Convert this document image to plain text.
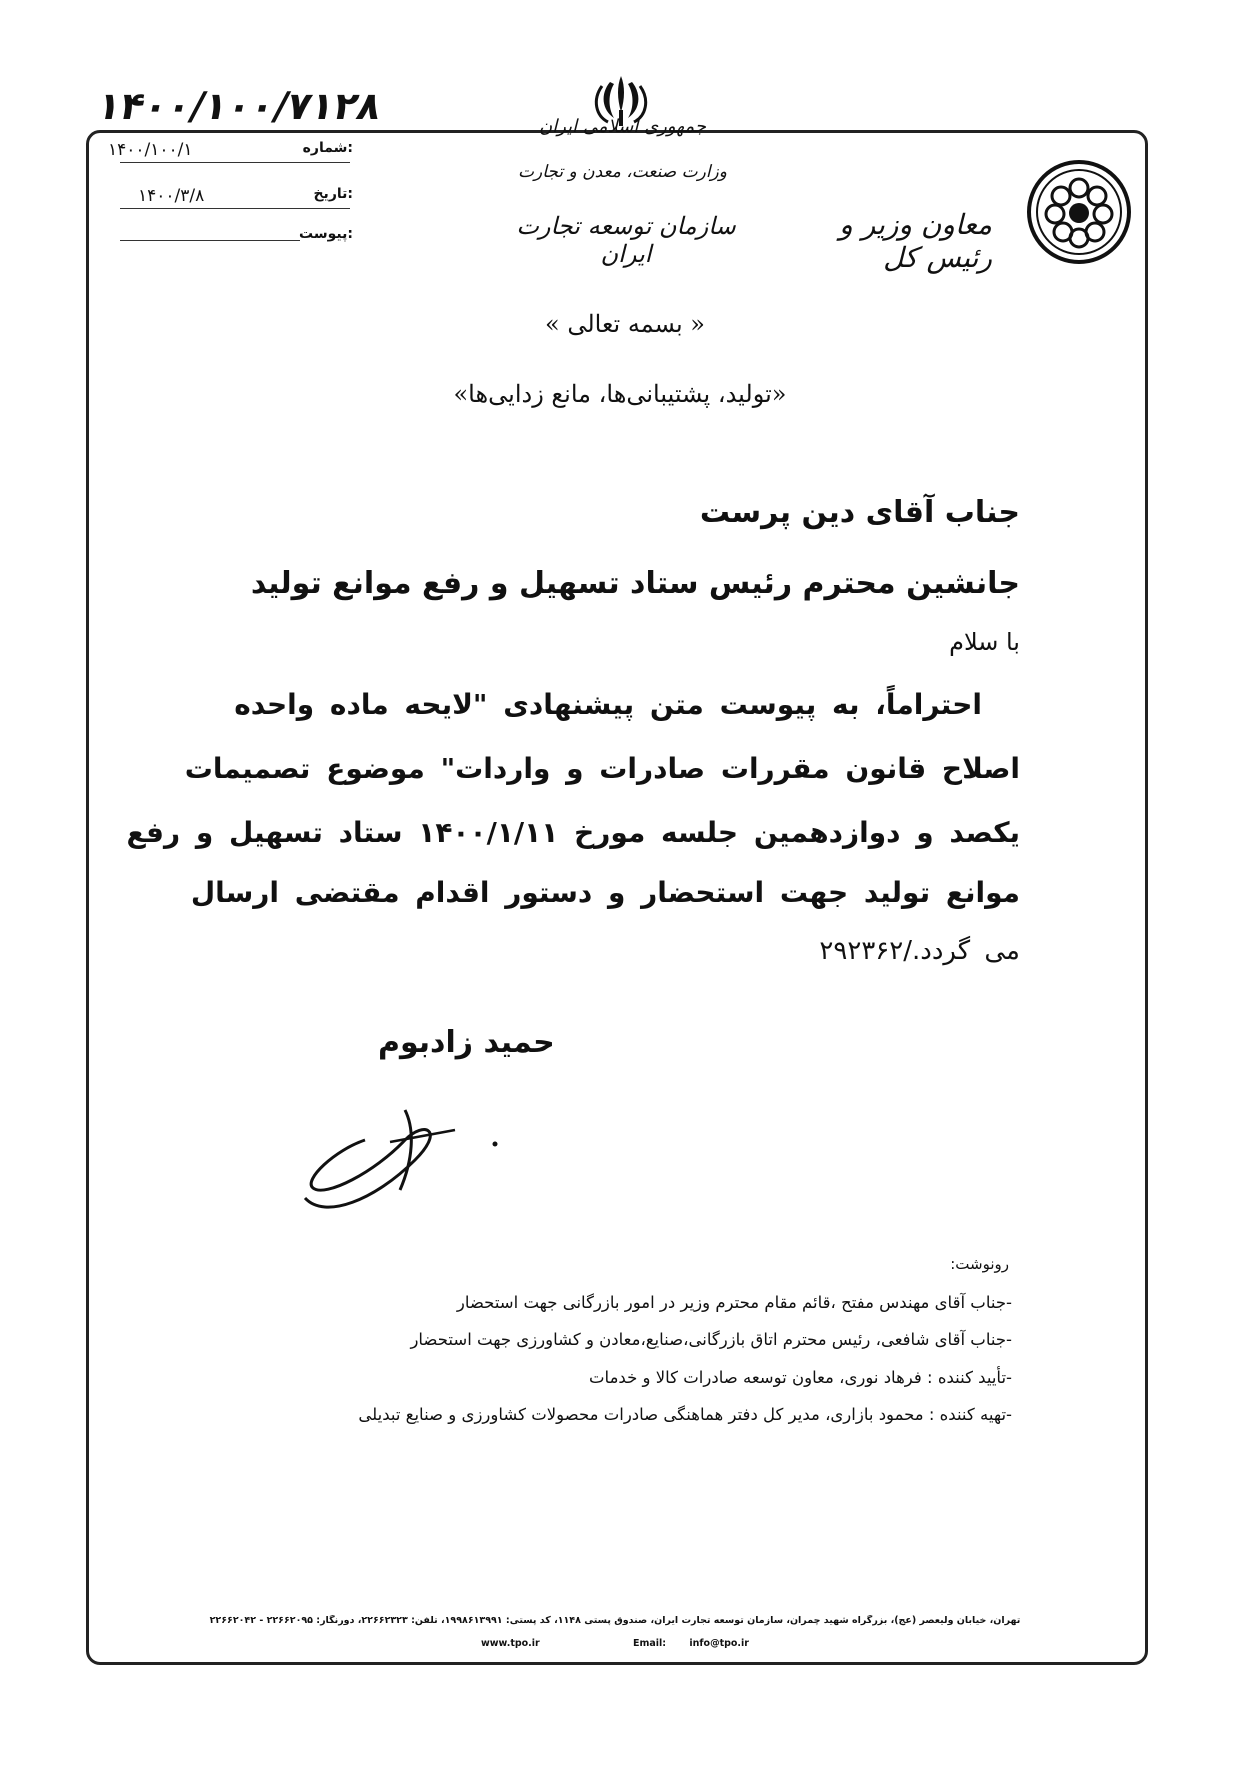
۱۴۰۰/۱۰۰/۷۱۲۸	جمهوری اسلامی ایران
وزارت صنعت، معدن و تجارت
سازمان توسعه تجارت ایران
معاون وزیر و رئیس کل
۱۴۰۰/۱۰۰/۱	شماره:
۱۴۰۰/۳/۸	تاریخ:
پیوست:
« بسمه تعالی »
«تولید، پشتیبانی‌ها، مانع زدایی‌ها»
جناب آقای دین پرست
جانشین محترم رئیس ستاد تسهیل و رفع موانع تولید
با سلام
احتراماً، به پیوست متن پیشنهادی "لایحه ماده واحده
اصلاح قانون مقررات صادرات و واردات" موضوع تصمیمات
یکصد و دوازدهمین جلسه مورخ ۱۴۰۰/۱/۱۱ ستاد تسهیل و رفع
موانع تولید جهت استحضار و دستور اقدام مقتضی ارسال
می گردد./۲۹۲۳۶۲
حمید زادبوم
رونوشت:
-جناب آقای مهندس مفتح ،قائم مقام محترم وزیر در امور بازرگانی جهت استحضار
-جناب آقای شافعی، رئیس محترم اتاق بازرگانی،صنایع،معادن و کشاورزی جهت استحضار
-تأیید کننده : فرهاد نوری، معاون توسعه صادرات کالا و خدمات
-تهیه کننده : محمود بازاری، مدیر کل دفتر هماهنگی صادرات محصولات کشاورزی و صنایع تبدیلی
تهران، خیابان ولیعصر (عج)، بزرگراه شهید چمران، سازمان توسعه تجارت ایران، صندوق پستی ۱۱۴۸، کد پستی: ۱۹۹۸۶۱۳۹۹۱، تلفن: ۲۲۶۶۲۳۲۳، دورنگار: ۲۲۶۶۲۰۹۵ - ۲۲۶۶۲۰۴۲
www.tpo.ir	Email: info@tpo.ir
